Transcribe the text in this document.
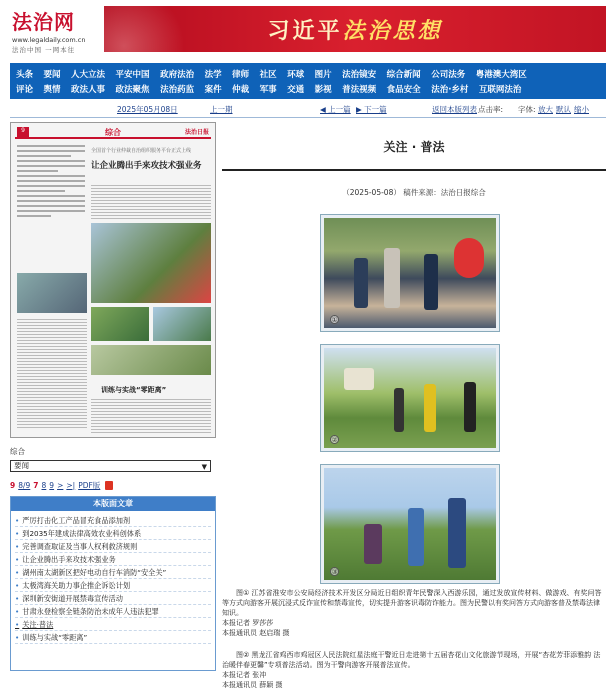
法治网
www.legaldaily.com.cn
法治中国 一网本往
习近平法治思想
头条 要闻 人大立法 平安中国 政府法治 法学 律师 社区 环球 图片 法治镜安 综合新闻 公司法务 粤港澳大湾区
评论 舆情 政法人事 政法聚焦 法治药监 案件 仲裁 军事 交通 影视 普法视频 食品安全 法治·乡村 互联网法治
2025年05月08日	上一期	◀ 上一篇 ▶ 下一篇	返回本版列表 点击率: 字体: 放大 默认 缩小
9	综合	法治日报
全国首个行业仲裁自治组织服务平台正式上线
让企业腾出手来攻技术强业务
训练与实战“零距离”
综合
要闻	▼
9 8/9 7 8 9 > >| PDF版
本版面文章
• 严厉打击化工产品冒充食品添加剂
• 到2035年建成法律高效农业科创体系
• 完善调查取证及当事人权利救济规则
• 让企业腾出手来攻技术强业务
• 湖州南太湖新区把好电动自行车消防“安全关”
• 太极湾海关助力事企推企诉讼计划
• 深圳新安街道开展禁毒宣传活动
• 甘肃永登检察全链条防治未成年人违法犯罪
• 关注·普法
• 训练与实战“零距离”
关注 · 普法
（2025-05-08） 稿件来源：法治日报综合
①
②
③

图① 江苏省淮安市公安局经济技术开发区分局近日组织青年民警深入西游乐园，通过发放宣传材料、做游戏、有奖问答等方式向游客开展沉浸式反诈宣传和禁毒宣传，切实提升游客识毒防诈能力。图为民警以有奖问答方式向游客普及禁毒法律知识。

本报记者 罗莎莎

本报通讯员 赵启瑞 摄

图② 黑龙江省鸡西市鸡冠区人民法院红星法庭干警近日走进第十五届杏花山文化旅游节现场，开展“杏花芳菲添雅韵 法治暖伴春更馨”专项普法活动。图为干警向游客开展普法宣传。

本报记者 张冲

本报通讯员 薛颖 摄
